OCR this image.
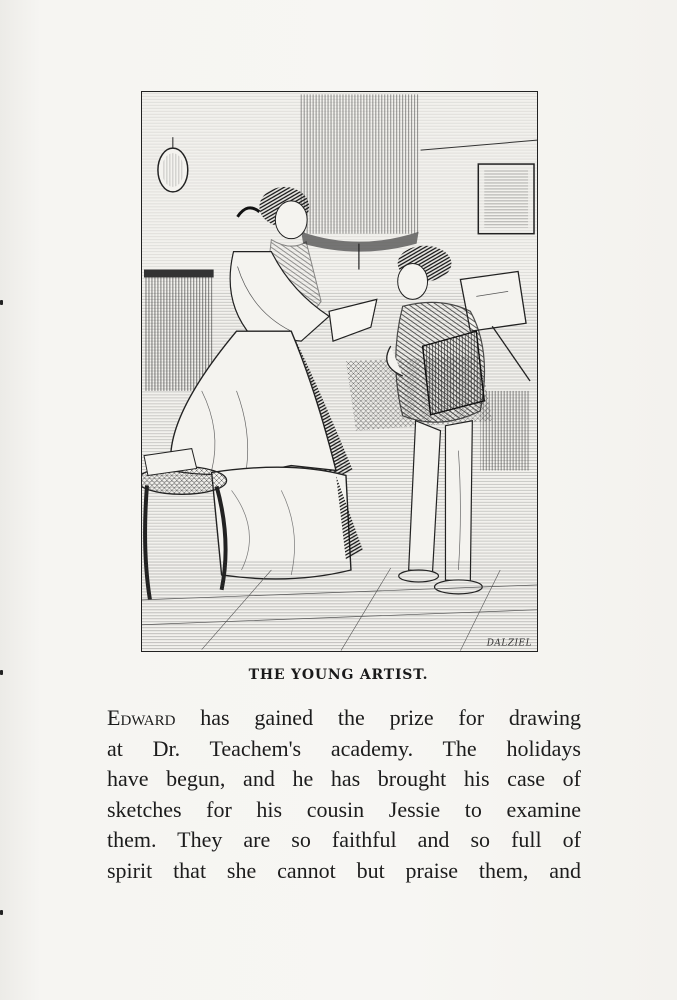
DALZIEL
THE YOUNG ARTIST.
Edward has gained the prize for drawing
at Dr. Teachem's academy. The holidays
have begun, and he has brought his case of
sketches for his cousin Jessie to examine
them. They are so faithful and so full of
spirit that she cannot but praise them, and
